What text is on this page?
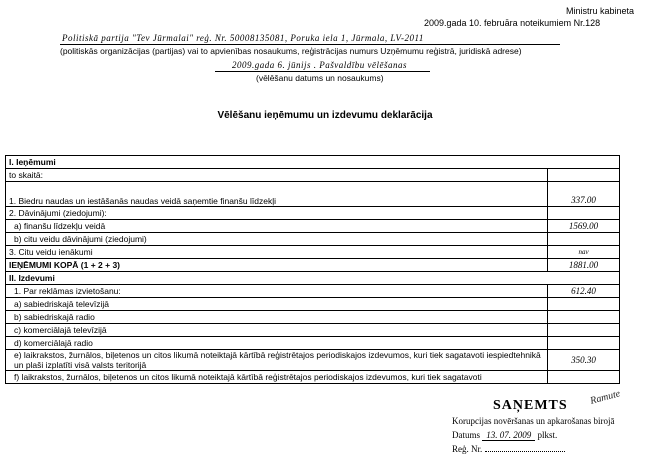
Ministru kabineta
2009.gada 10. februāra noteikumiem Nr.128
Politiskā partija "Tev Jūrmalai" reģ. Nr. 50008135081, Poruka iela 1, Jūrmala, LV-2011
(politiskās organizācijas (partijas) vai to apvienības nosaukums, reģistrācijas numurs Uzņēmumu reģistrā, juridiskā adrese)
2009.gada 6. jūnijs . Pašvaldību vēlēšanas
(vēlēšanu datums un nosaukums)
Vēlēšanu ieņēmumu un izdevumu deklarācija
I. Ieņēmumi	
to skaitā:	
1. Biedru naudas un iestāšanās naudas veidā saņemtie finanšu līdzekļi	337.00
2. Dāvinājumi (ziedojumi):	
a) finanšu līdzekļu veidā	1569.00
b) citu veidu dāvinājumi (ziedojumi)	
3. Citu veidu ienākumi	nav
IEŅĒMUMI KOPĀ (1 + 2 + 3)	1881.00
II. Izdevumi	
1. Par reklāmas izvietošanu:	612.40
a) sabiedriskajā televīzijā	
b) sabiedriskajā radio	
c) komerciālajā televīzijā	
d) komerciālajā radio	
e) laikrakstos, žurnālos, biļetenos un citos likumā noteiktajā kārtībā reģistrētajos periodiskajos izdevumos, kuri tiek sagatavoti iespiedtehnikā un plaši izplatīti visā valsts teritorijā	350.30
f) laikrakstos, žurnālos, biļetenos un citos likumā noteiktajā kārtībā reģistrētajos periodiskajos izdevumos, kuri tiek sagatavoti	
SAŅEMTS Ramute
Korupcijas novēršanas un apkarošanas birojā
Datums 13. 07. 2009 plkst.
Reģ. Nr.
